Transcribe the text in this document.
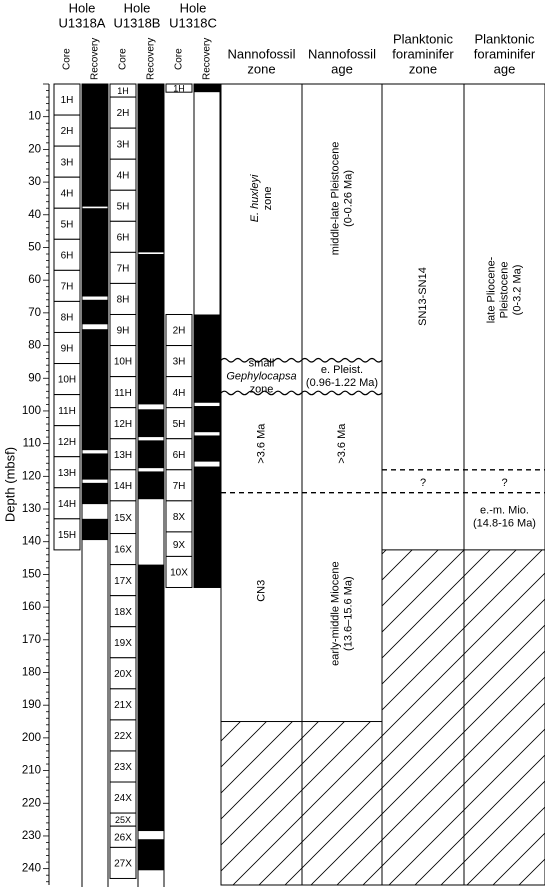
Hole
U1318A
Hole
U1318B
Hole
U1318C
Core Recovery Core Recovery Core Recovery Nannofossil
zone
Nannofossil
age
Planktonic
foraminifer
zone
Planktonic
foraminifer
age
10
20
30
40
50
60
70
80
90
100
110
120
130
140
150
160
170
180
190
200
210
220
230
240
Depth (mbsf)
1H
2H
3H
4H
5H
6H
7H
8H
9H
10H
11H
12H
13H
14H
15H
1H
2H
3H
4H
5H
6H
7H
8H
9H
10H
11H
12H
13H
14H
15X
16X
17X
18X
19X
20X
21X
22X
23X
24X
25X
26X
27X
1H
2H
3H
4H
5H
6H
7H
8X
9X
10X
E. huxleyi zone
small
Gephylocapsa
zone
>3.6 Ma
CN3
middle-late Pleistocene (0-0.26 Ma)
e. Pleist.
(0.96-1.22 Ma)
>3.6 Ma
early-middle Miocene (13.6–15.6 Ma)
SN13-SN14
?
late Pliocene- Pleistocene (0-3.2 Ma)
?
e.-m. Mio.
(14.8-16 Ma)
